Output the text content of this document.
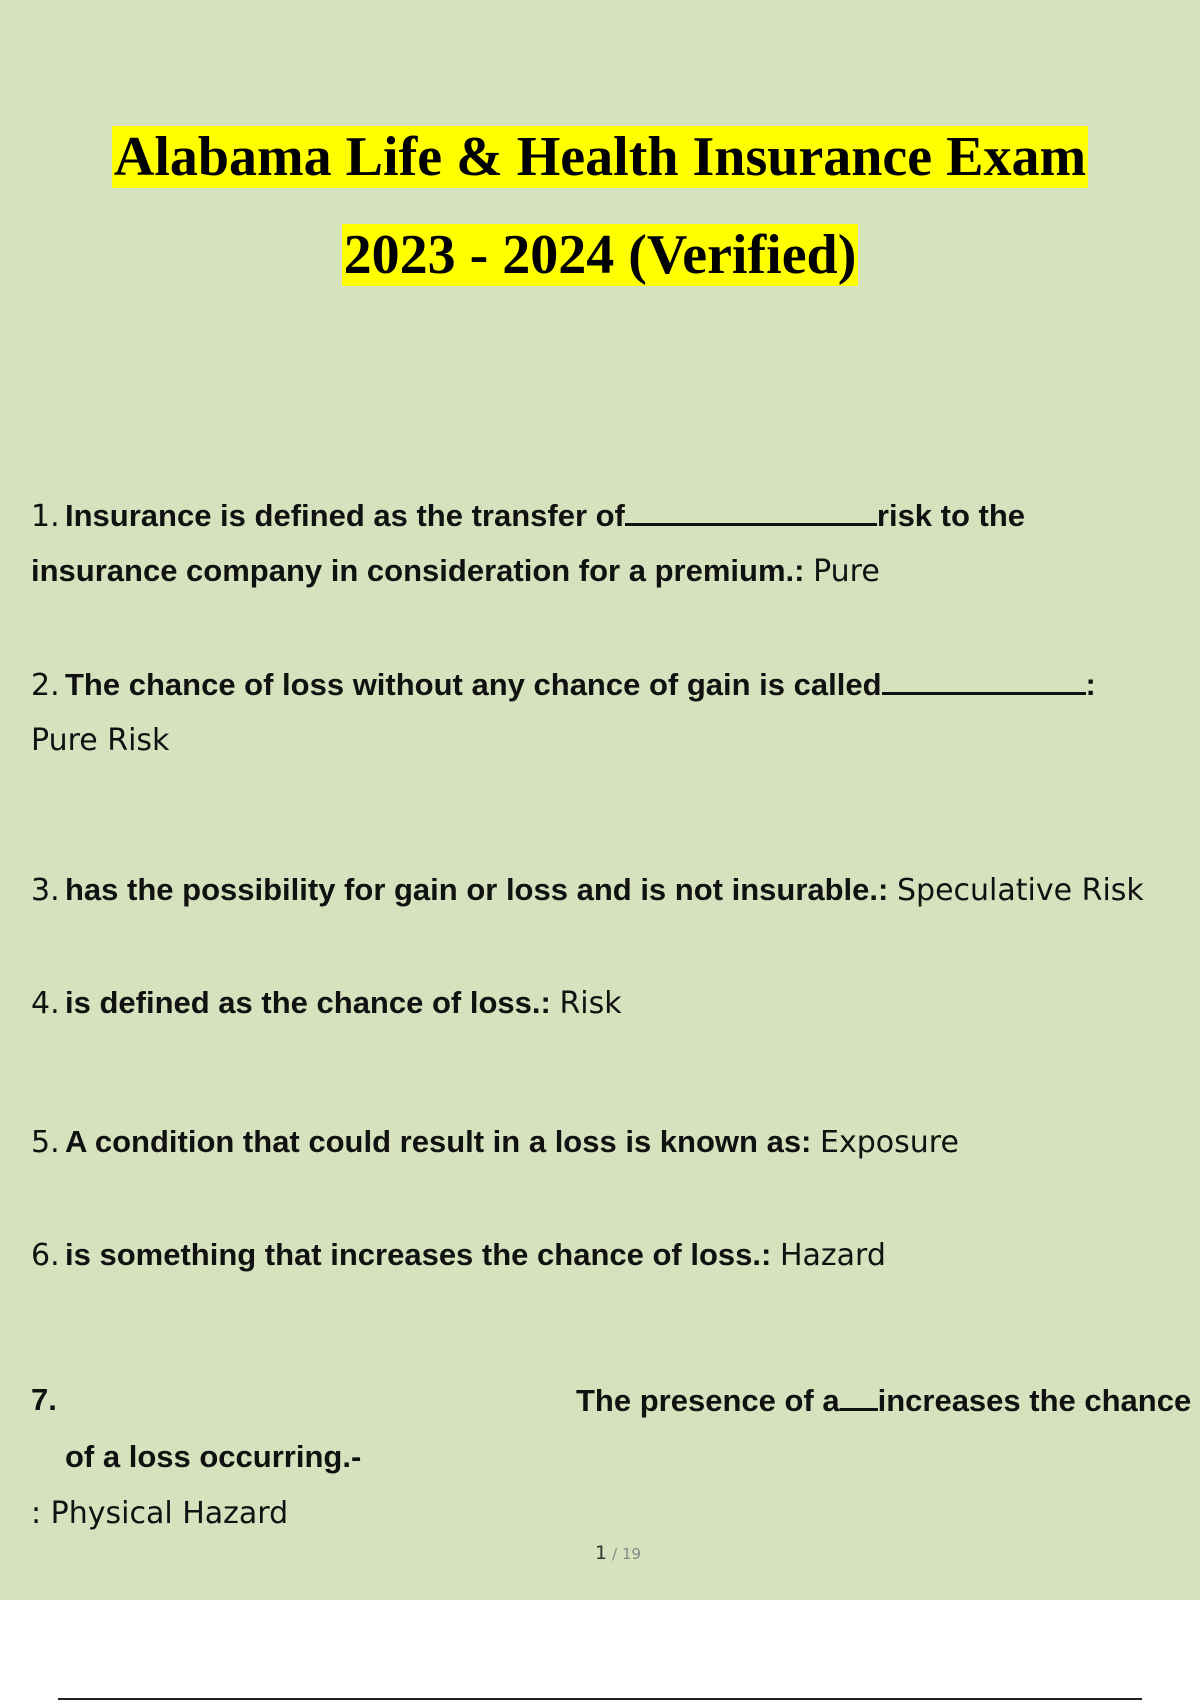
Alabama Life & Health Insurance Exam
2023 - 2024 (Verified)
1. Insurance is defined as the transfer of	risk to the
insurance company in consideration for a premium.: Pure
2. The chance of loss without any chance of gain is called	:
Pure Risk
3. has the possibility for gain or loss and is not insurable.: Speculative Risk
4. is defined as the chance of loss.: Risk
5. A condition that could result in a loss is known as: Exposure
6. is something that increases the chance of loss.: Hazard
7.	The presence of a increases the chance
of a loss occurring.-
: Physical Hazard
1 / 19
